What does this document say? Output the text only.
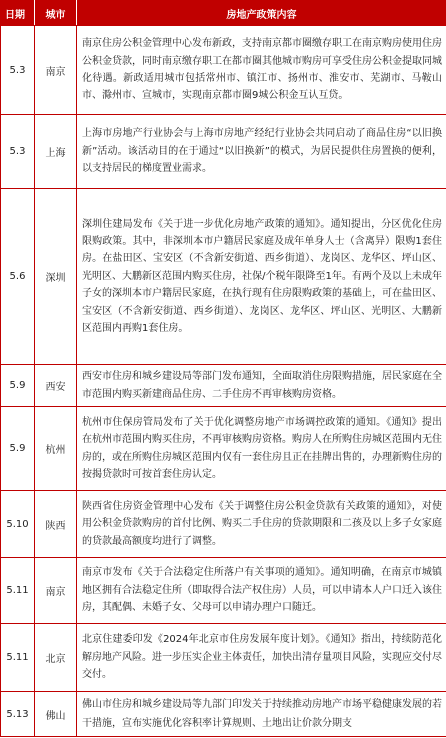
日期	城市	房地产政策内容
5.3	南京	南京住房公积金管理中心发布新政，支持南京都市圈缴存职工在南京购房使用住房公积金贷款，同时南京缴存职工在都市圈其他城市购房可享受住房公积金提取同城化待遇。新政适用城市包括常州市、镇江市、扬州市、淮安市、芜湖市、马鞍山市、滁州市、宣城市，实现南京都市圈9城公积金互认互贷。
5.3	上海	上海市房地产行业协会与上海市房地产经纪行业协会共同启动了商品住房“以旧换新”活动。该活动目的在于通过“以旧换新”的模式，为居民提供住房置换的便利，以支持居民的梯度置业需求。
5.6	深圳	深圳住建局发布《关于进一步优化房地产政策的通知》。通知提出，分区优化住房限购政策。其中，非深圳本市户籍居民家庭及成年单身人士（含离异）限购1套住房。在盐田区、宝安区（不含新安街道、西乡街道）、龙岗区、龙华区、坪山区、光明区、大鹏新区范围内购买住房，社保/个税年限降至1年。有两个及以上未成年子女的深圳本市户籍居民家庭，在执行现有住房限购政策的基础上，可在盐田区、宝安区（不含新安街道、西乡街道）、龙岗区、龙华区、坪山区、光明区、大鹏新区范围内再购1套住房。
5.9	西安	西安市住房和城乡建设局等部门发布通知，全面取消住房限购措施，居民家庭在全市范围内购买新建商品住房、二手住房不再审核购房资格。
5.9	杭州	杭州市住保房管局发布了关于优化调整房地产市场调控政策的通知。《通知》提出在杭州市范围内购买住房，不再审核购房资格。购房人在所购住房城区范围内无住房的，或在所购住房城区范围内仅有一套住房且正在挂牌出售的，办理新购住房的按揭贷款时可按首套住房认定。
5.10	陕西	陕西省住房资金管理中心发布《关于调整住房公积金贷款有关政策的通知》，对使用公积金贷款购房的首付比例、购买二手住房的贷款期限和二孩及以上多子女家庭的贷款最高额度均进行了调整。
5.11	南京	南京市发布《关于合法稳定住所落户有关事项的通知》。通知明确，在南京市城镇地区拥有合法稳定住所（即取得合法产权住房）人员，可以申请本人户口迁入该住房，其配偶、未婚子女、父母可以申请办理户口随迁。
5.11	北京	北京住建委印发《2024年北京市住房发展年度计划》。《通知》指出，持续防范化解房地产风险。进一步压实企业主体责任，加快出清存量项目风险，实现应交付尽交付。
5.13	佛山	佛山市住房和城乡建设局等九部门印发关于持续推动房地产市场平稳健康发展的若干措施，宣布实施优化容积率计算规则、土地出让价款分期支
